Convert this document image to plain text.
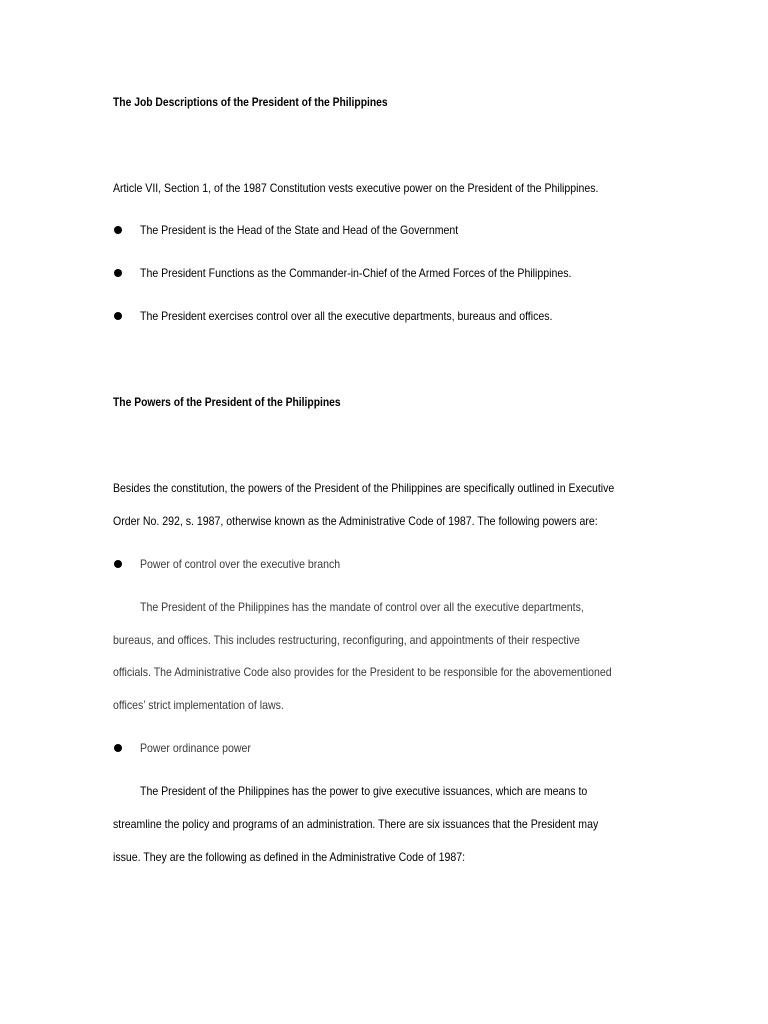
The Job Descriptions of the President of the Philippines
Article VII, Section 1, of the 1987 Constitution vests executive power on the President of the Philippines.
The President is the Head of the State and Head of the Government
The President Functions as the Commander-in-Chief of the Armed Forces of the Philippines.
The President exercises control over all the executive departments, bureaus and offices.
The Powers of the President of the Philippines
Besides the constitution, the powers of the President of the Philippines are specifically outlined in Executive
Order No. 292, s. 1987, otherwise known as the Administrative Code of 1987. The following powers are:
Power of control over the executive branch
The President of the Philippines has the mandate of control over all the executive departments,
bureaus, and offices. This includes restructuring, reconfiguring, and appointments of their respective
officials. The Administrative Code also provides for the President to be responsible for the abovementioned
offices’ strict implementation of laws.
Power ordinance power
The President of the Philippines has the power to give executive issuances, which are means to
streamline the policy and programs of an administration. There are six issuances that the President may
issue. They are the following as defined in the Administrative Code of 1987:
